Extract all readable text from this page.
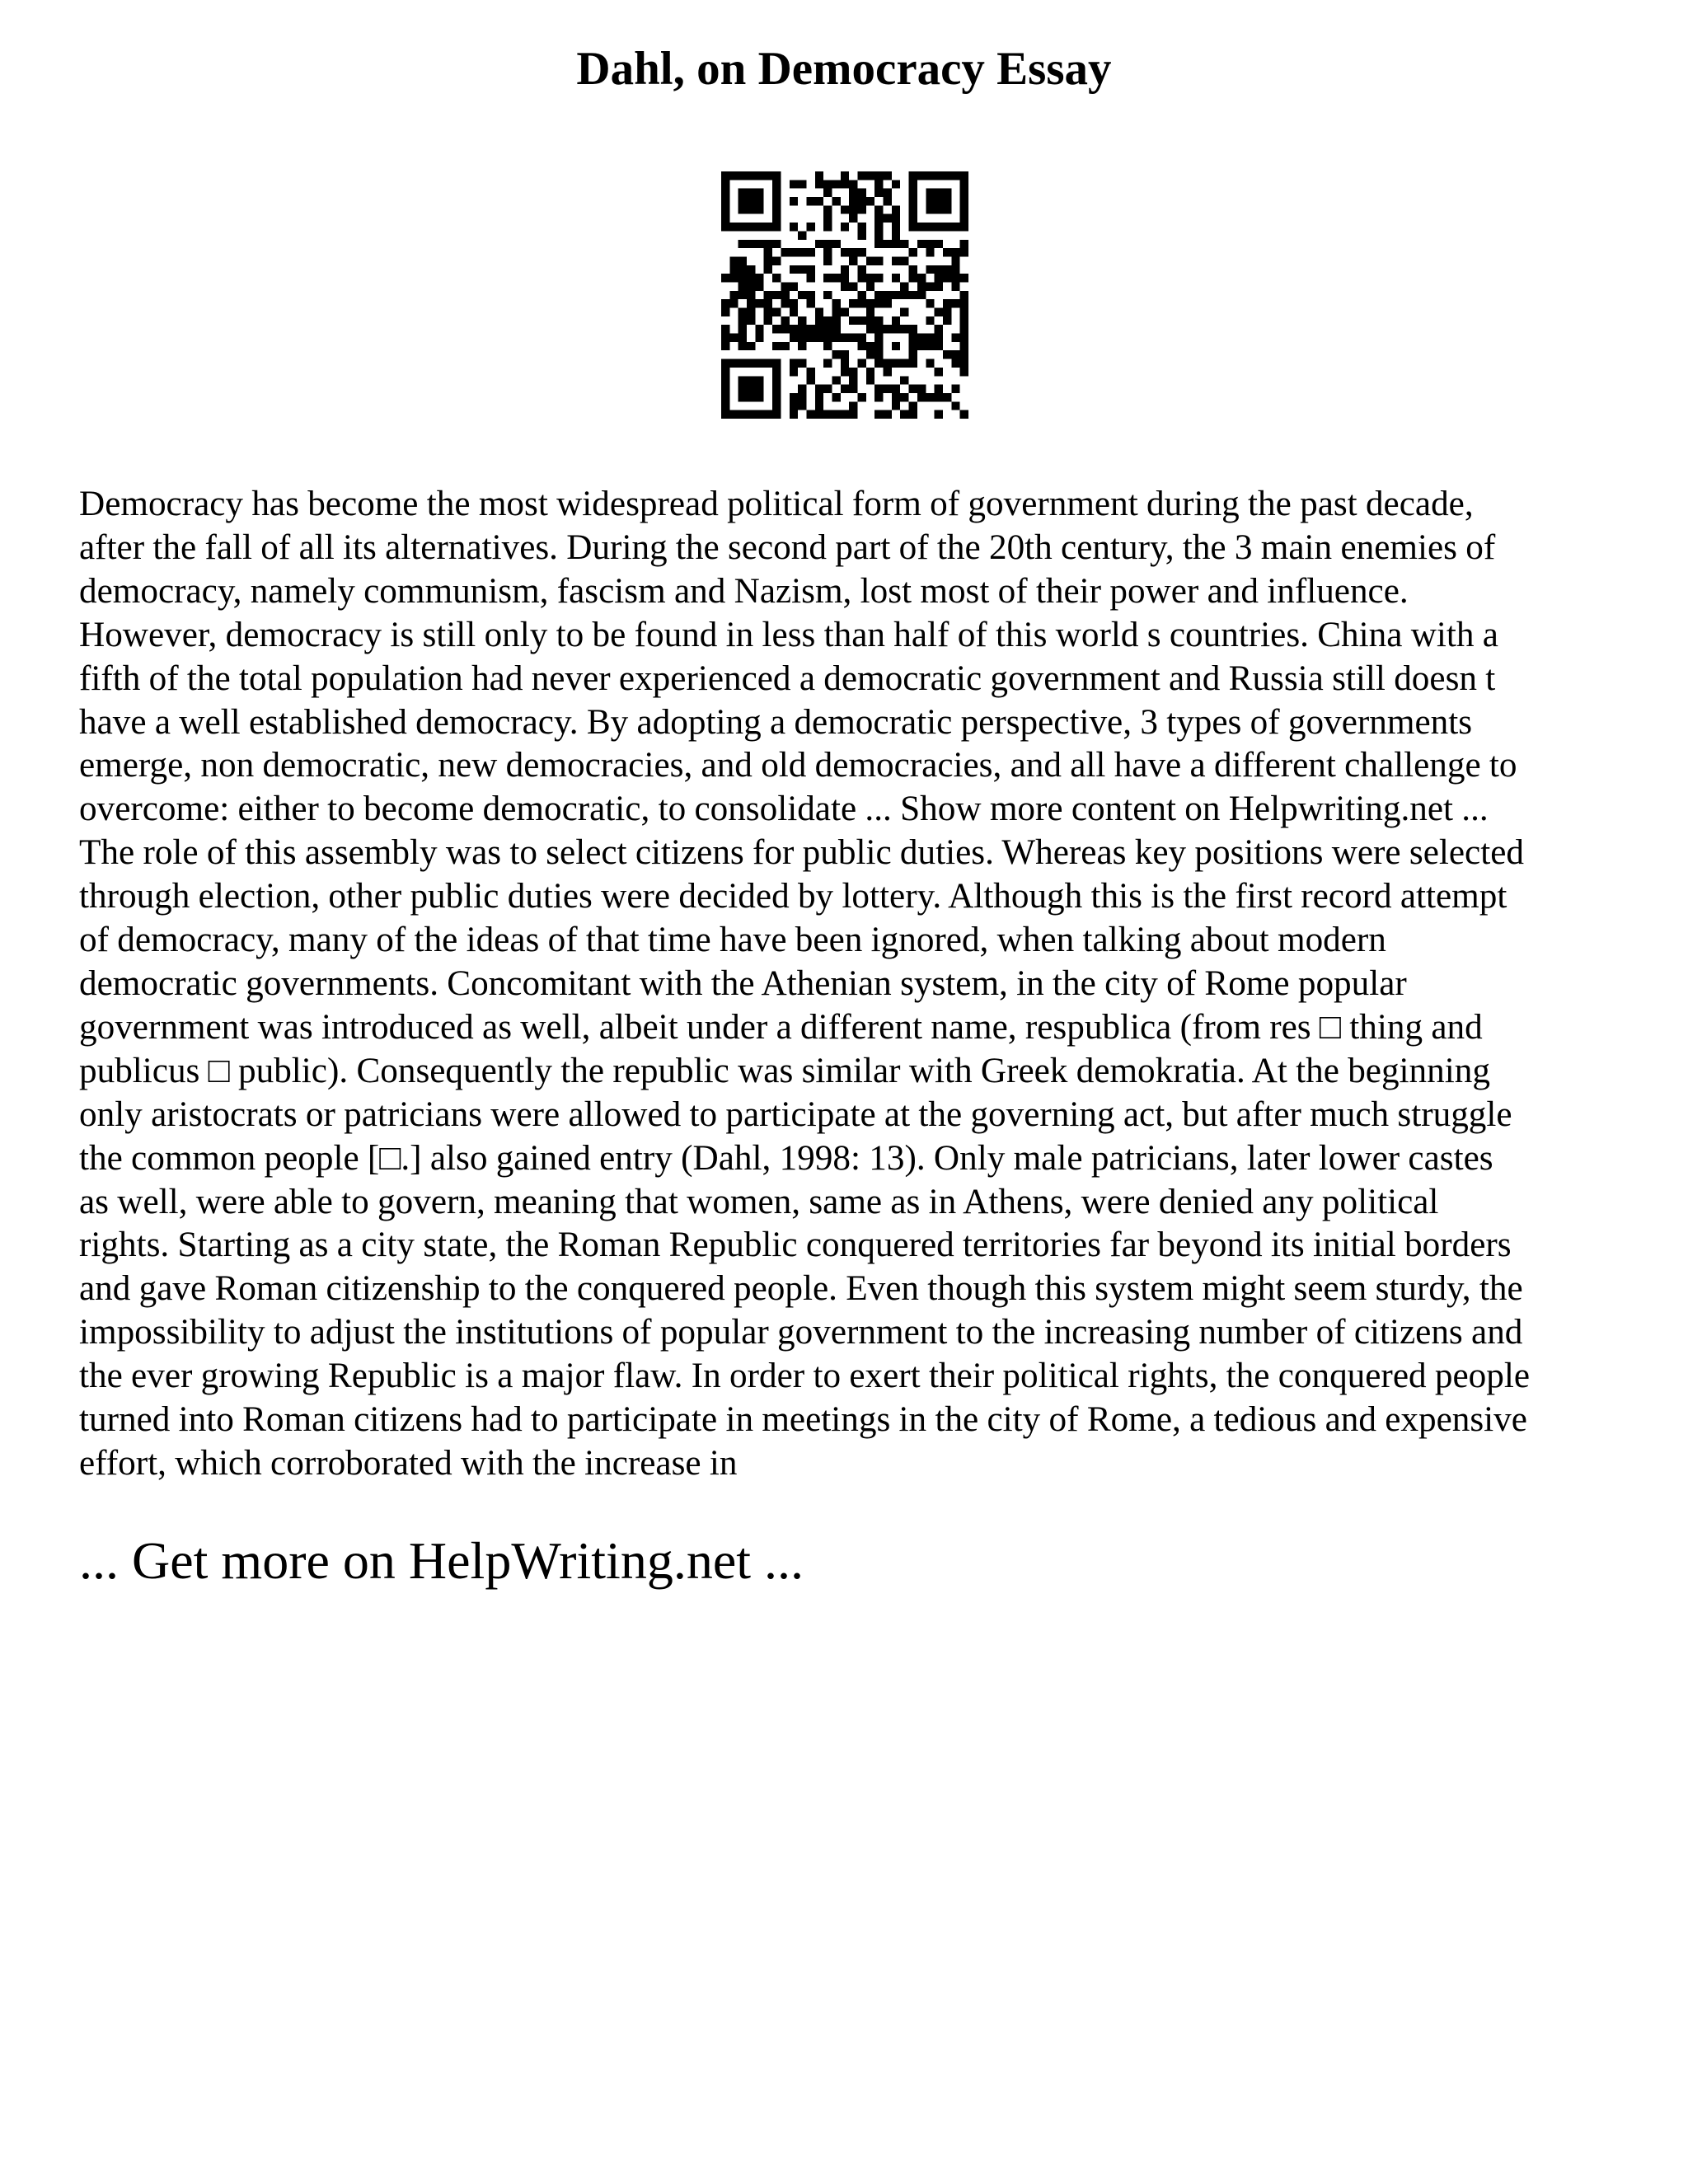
Dahl, on Democracy Essay
Democracy has become the most widespread political form of government during the past decade,
after the fall of all its alternatives. During the second part of the 20th century, the 3 main enemies of
democracy, namely communism, fascism and Nazism, lost most of their power and influence.
However, democracy is still only to be found in less than half of this world s countries. China with a
fifth of the total population had never experienced a democratic government and Russia still doesn t
have a well established democracy. By adopting a democratic perspective, 3 types of governments
emerge, non democratic, new democracies, and old democracies, and all have a different challenge to
overcome: either to become democratic, to consolidate ... Show more content on Helpwriting.net ...
The role of this assembly was to select citizens for public duties. Whereas key positions were selected
through election, other public duties were decided by lottery. Although this is the first record attempt
of democracy, many of the ideas of that time have been ignored, when talking about modern
democratic governments. Concomitant with the Athenian system, in the city of Rome popular
government was introduced as well, albeit under a different name, respublica (from res □ thing and
publicus □ public). Consequently the republic was similar with Greek demokratia. At the beginning
only aristocrats or patricians were allowed to participate at the governing act, but after much struggle
the common people [□.] also gained entry (Dahl, 1998: 13). Only male patricians, later lower castes
as well, were able to govern, meaning that women, same as in Athens, were denied any political
rights. Starting as a city state, the Roman Republic conquered territories far beyond its initial borders
and gave Roman citizenship to the conquered people. Even though this system might seem sturdy, the
impossibility to adjust the institutions of popular government to the increasing number of citizens and
the ever growing Republic is a major flaw. In order to exert their political rights, the conquered people
turned into Roman citizens had to participate in meetings in the city of Rome, a tedious and expensive
effort, which corroborated with the increase in

... Get more on HelpWriting.net ...
